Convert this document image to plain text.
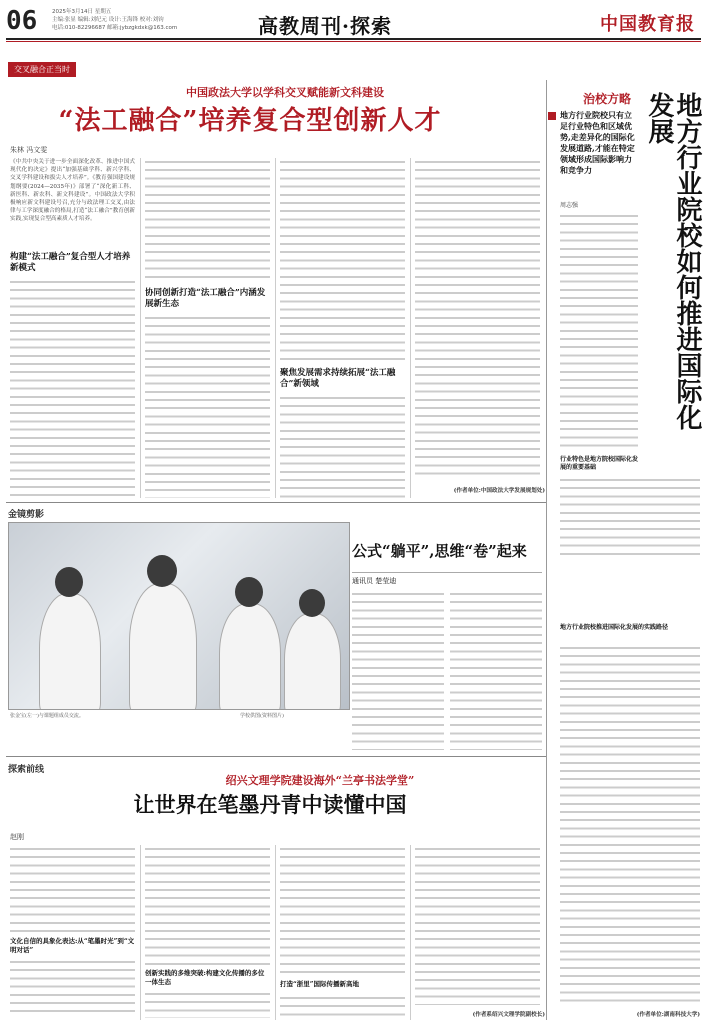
06	2025年3月14日 星期五
主编:张显 编辑:刘纪元 设计:王海锋 校对:刘钧
电话:010-82296687 邮箱:jybzgkdxk@163.com	高教周刊·探索	中国教育报
交叉融合正当时
中国政法大学以学科交叉赋能新文科建设
“法工融合”培养复合型创新人才
朱林 冯文雯
《中共中央关于进一步全面深化改革、推进中国式现代化的决定》提出“加强基础学科、新兴学科、交叉学科建设和拔尖人才培养”。《教育强国建设规划纲要(2024—2035年)》部署了“深化新工科、新医科、新农科、新文科建设”。中国政法大学积极响应新文科建设号召,充分与政法理工交叉,由法律与工学深度融合的格局,打造“法工融合”教育创新实践,实现复合型高素质人才培养。
构建“法工融合”复合型人才培养新模式
协同创新打造“法工融合”内涵发展新生态
聚焦发展需求持续拓展“法工融合”新领域
(作者单位:中国政法大学发展规划处)
治校方略
地方行业院校只有立足行业特色和区域优势,走差异化的国际化发展道路,才能在特定领域形成国际影响力和竞争力	地方行业院校如何推进国际化发展
周志强
行业特色是地方院校国际化发展的重要基础
地方行业院校推进国际化发展的实践路径
(作者单位:湖南科技大学)
金镜剪影
张金宝(左一)与课题组成员交流。	学校供图(资料图片)
公式“躺平”,思维“卷”起来
通讯员 楚莹迪
探索前线
绍兴文理学院建设海外“兰亭书法学堂”
让世界在笔墨丹青中读懂中国
赵刚
文化自信的具象化表达:从“笔墨时光”到“文明对话”
创新实践的多维突破:构建文化传播的多位一体生态	打造“浙里”国际传播新高地
(作者系绍兴文理学院副校长)
